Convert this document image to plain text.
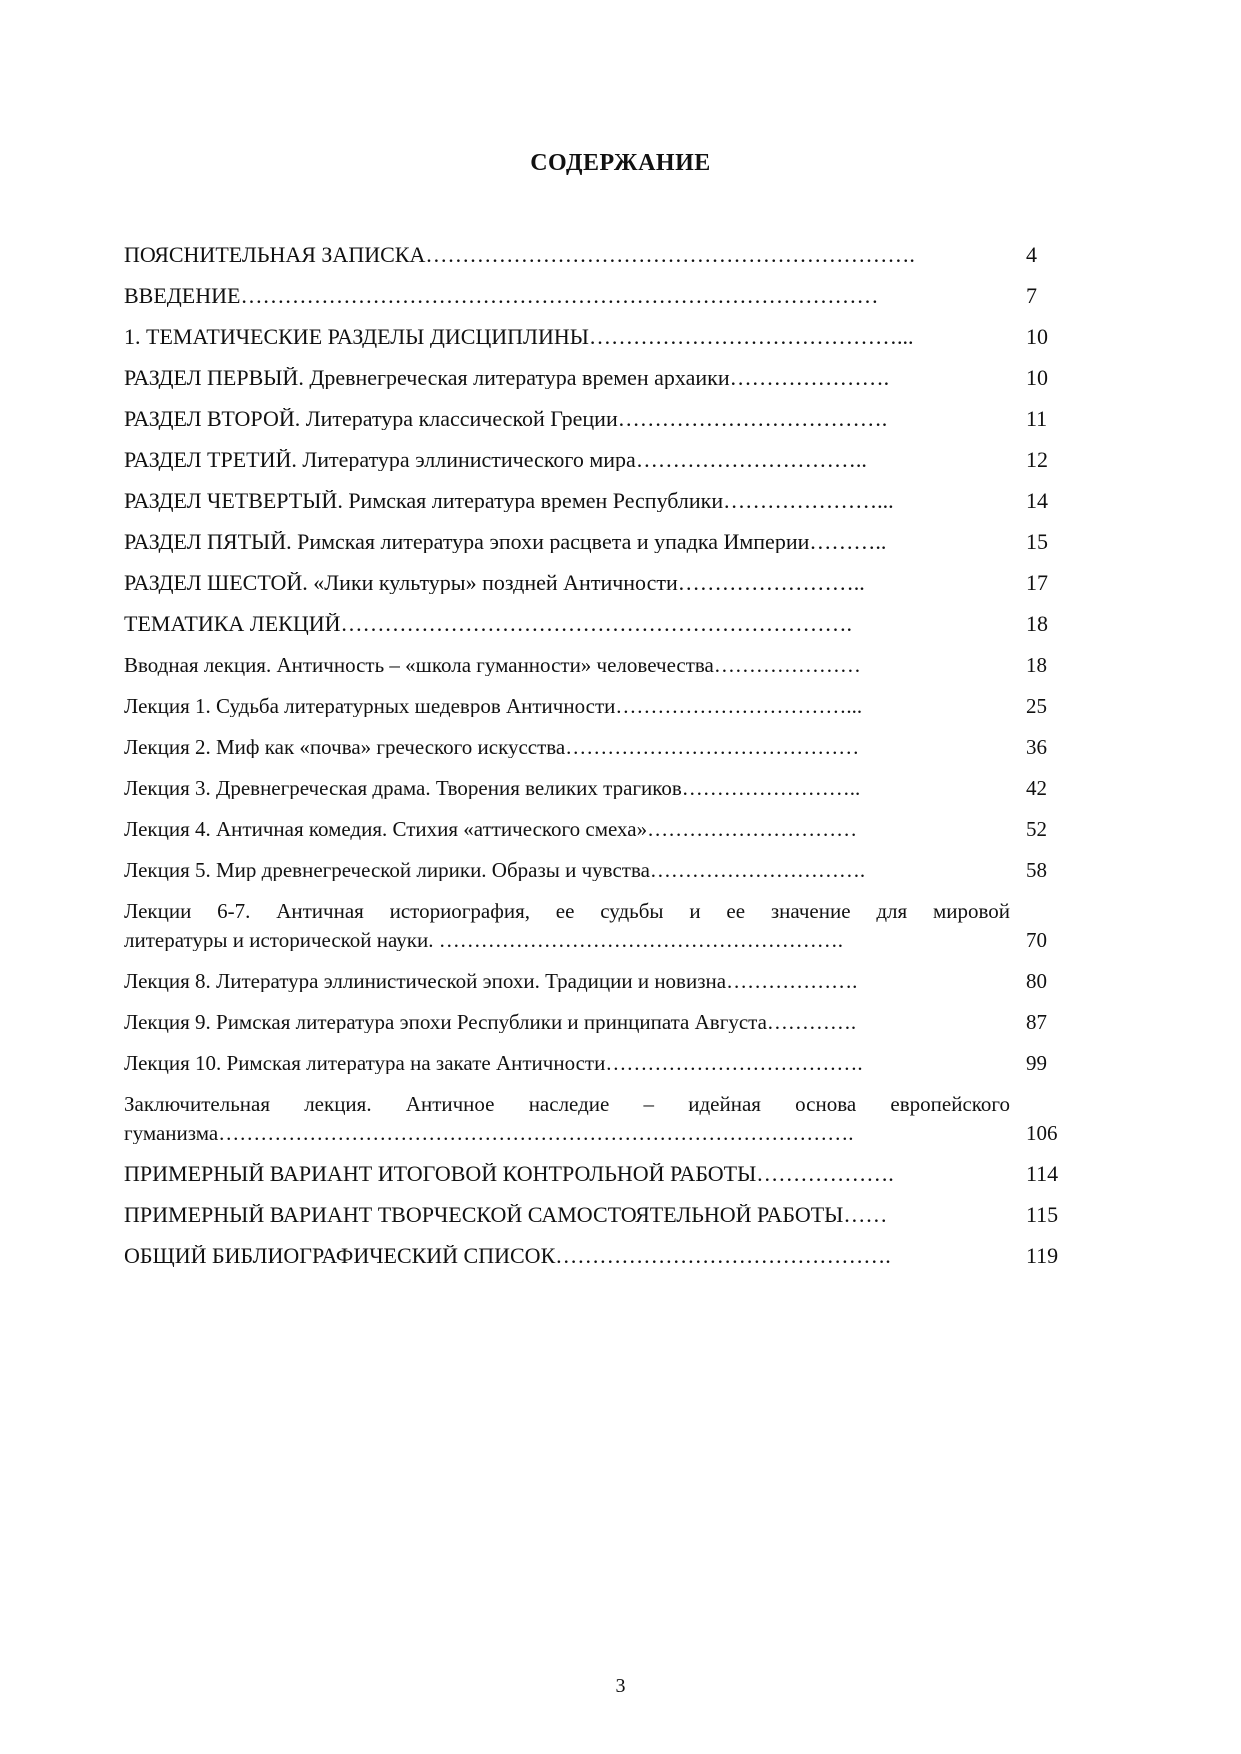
СОДЕРЖАНИЕ
ПОЯСНИТЕЛЬНАЯ ЗАПИСКА………………………………………………………….	4
ВВЕДЕНИЕ……………………………………………………………………………	7
1. ТЕМАТИЧЕСКИЕ РАЗДЕЛЫ ДИСЦИПЛИНЫ……………………………………...	10
РАЗДЕЛ ПЕРВЫЙ. Древнегреческая литература времен архаики………………….	10
РАЗДЕЛ ВТОРОЙ. Литература классической Греции……………………………….	11
РАЗДЕЛ ТРЕТИЙ. Литература эллинистического мира…………………………..	12
РАЗДЕЛ ЧЕТВЕРТЫЙ. Римская литература времен Республики…………………...	14
РАЗДЕЛ ПЯТЫЙ. Римская литература эпохи расцвета и упадка Империи………..	15
РАЗДЕЛ ШЕСТОЙ. «Лики культуры» поздней Античности……………………..	17
ТЕМАТИКА ЛЕКЦИЙ…………………………………………………………….	18
Вводная лекция. Античность – «школа гуманности» человечества…………………	18
Лекция 1. Судьба литературных шедевров Античности……………………………...	25
Лекция 2. Миф как «почва» греческого искусства……………………………………	36
Лекция 3. Древнегреческая драма. Творения великих трагиков……………………..	42
Лекция 4. Античная комедия. Стихия «аттического смеха»…………………………	52
Лекция 5. Мир древнегреческой лирики. Образы и чувства………………………….	58
Лекции 6-7. Античная историография, ее судьбы и ее значение для мировой
литературы и исторической науки. ………………………………………………….	70
Лекция 8. Литература эллинистической эпохи. Традиции и новизна……………….	80
Лекция 9. Римская литература эпохи Республики и принципата Августа………….	87
Лекция 10. Римская литература на закате Античности……………………………….	99
Заключительная лекция. Античное наследие – идейная основа европейского
гуманизма……………………………………………………………………………….	106
ПРИМЕРНЫЙ ВАРИАНТ ИТОГОВОЙ КОНТРОЛЬНОЙ РАБОТЫ……………….	114
ПРИМЕРНЫЙ ВАРИАНТ ТВОРЧЕСКОЙ САМОСТОЯТЕЛЬНОЙ РАБОТЫ……	115
ОБЩИЙ БИБЛИОГРАФИЧЕСКИЙ СПИСОК……………………………………….	119
3
